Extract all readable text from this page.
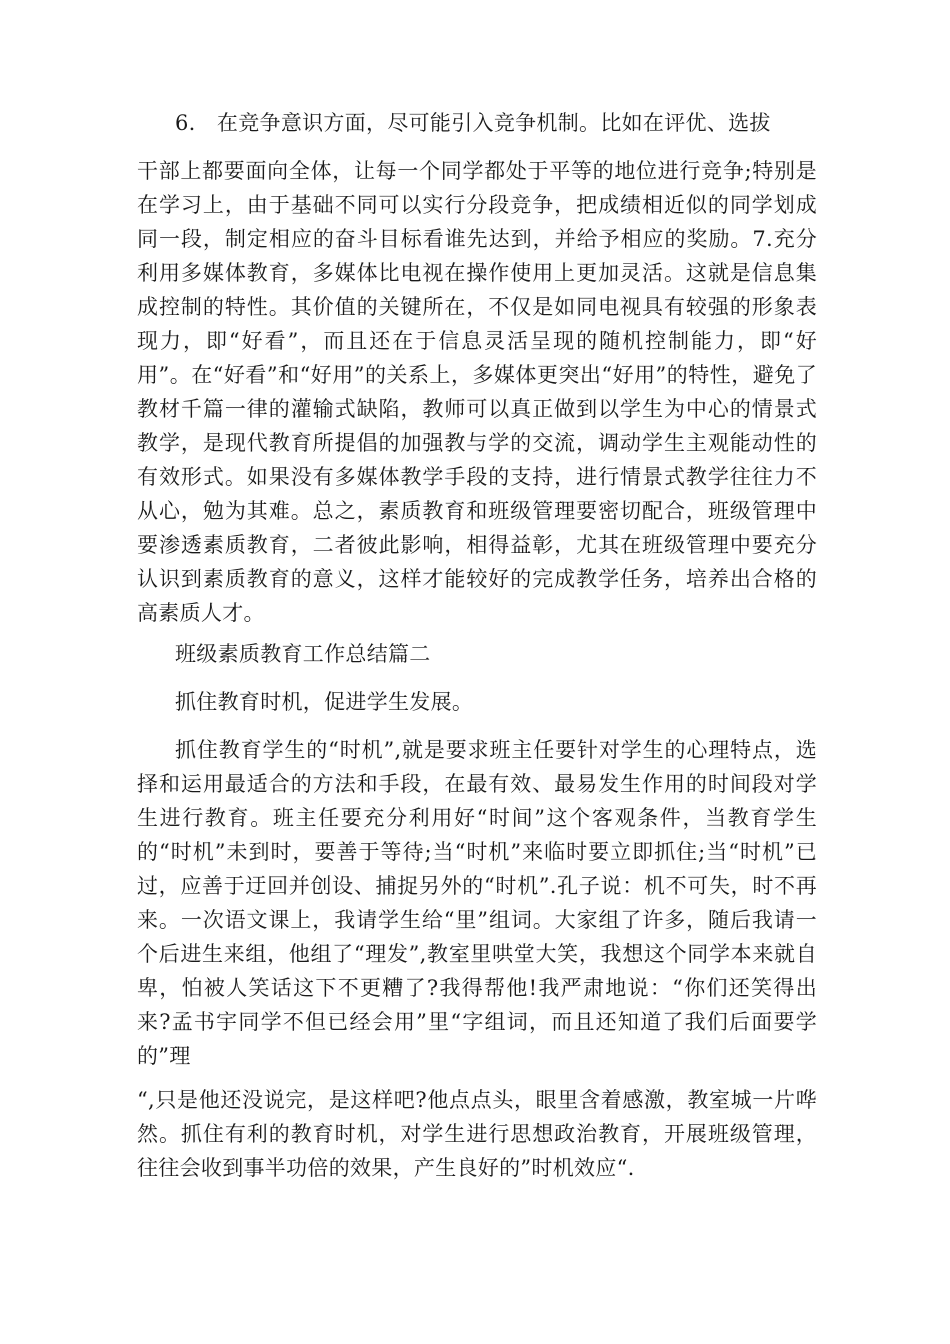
6.　在竞争意识方面，尽可能引入竞争机制。比如在评优、选拔

干部上都要面向全体，让每一个同学都处于平等的地位进行竞争;特别是在学习上，由于基础不同可以实行分段竞争，把成绩相近似的同学划成同一段，制定相应的奋斗目标看谁先达到，并给予相应的奖励。7.充分利用多媒体教育，多媒体比电视在操作使用上更加灵活。这就是信息集成控制的特性。其价值的关键所在，不仅是如同电视具有较强的形象表现力，即“好看”，而且还在于信息灵活呈现的随机控制能力，即“好用”。在“好看”和“好用”的关系上，多媒体更突出“好用”的特性，避免了教材千篇一律的灌输式缺陷，教师可以真正做到以学生为中心的情景式教学，是现代教育所提倡的加强教与学的交流，调动学生主观能动性的有效形式。如果没有多媒体教学手段的支持，进行情景式教学往往力不从心，勉为其难。总之，素质教育和班级管理要密切配合，班级管理中要渗透素质教育，二者彼此影响，相得益彰，尤其在班级管理中要充分认识到素质教育的意义，这样才能较好的完成教学任务，培养出合格的高素质人才。

班级素质教育工作总结篇二

抓住教育时机，促进学生发展。

抓住教育学生的“时机”,就是要求班主任要针对学生的心理特点，选择和运用最适合的方法和手段，在最有效、最易发生作用的时间段对学生进行教育。班主任要充分利用好“时间”这个客观条件，当教育学生的“时机”未到时，要善于等待;当“时机”来临时要立即抓住;当“时机”已过，应善于迂回并创设、捕捉另外的“时机”.孔子说：机不可失，时不再来。一次语文课上，我请学生给“里”组词。大家组了许多，随后我请一个后进生来组，他组了“理发”,教室里哄堂大笑，我想这个同学本来就自卑，怕被人笑话这下不更糟了?我得帮他!我严肃地说：“你们还笑得出来?孟书宇同学不但已经会用”里“字组词，而且还知道了我们后面要学的”理

“,只是他还没说完，是这样吧?他点点头，眼里含着感激，教室城一片哗然。抓住有利的教育时机，对学生进行思想政治教育，开展班级管理，往往会收到事半功倍的效果，产生良好的”时机效应“.
